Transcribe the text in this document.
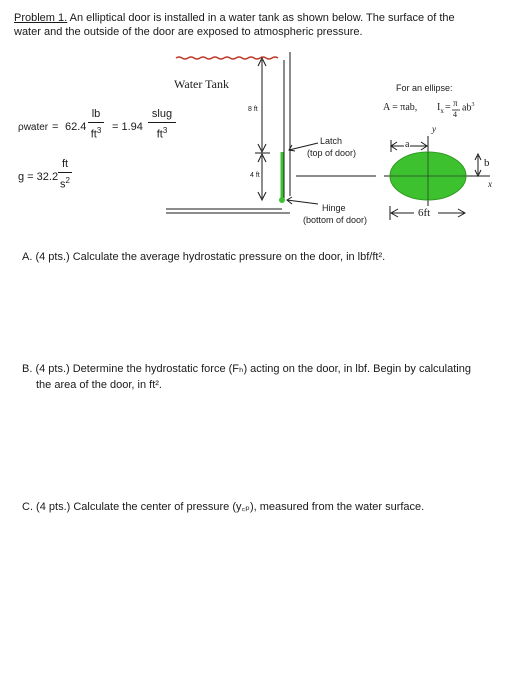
Problem 1. An elliptical door is installed in a water tank as shown below. The surface of the
water and the outside of the door are exposed to atmospheric pressure.
ρwater = 62.4
lb
$ft^3 = 1.94$
slug
$ft^3$
g = 32.2
ft
$s^2$
Water Tank
8 ft
4 ft
Latch
(top of door)
Hinge
(bottom of door)
For an ellipse:
A = πab, $I_x = \pi$
4
$ab^3$
y
x
a
b
6ft
A. (4 pts.) Calculate the average hydrostatic pressure on the door, in lbf/ft².
B. (4 pts.) Determine the hydrostatic force (Fₕ) acting on the door, in lbf. Begin by calculating
the area of the door, in ft².
C. (4 pts.) Calculate the center of pressure (y꜀ₚ), measured from the water surface.
